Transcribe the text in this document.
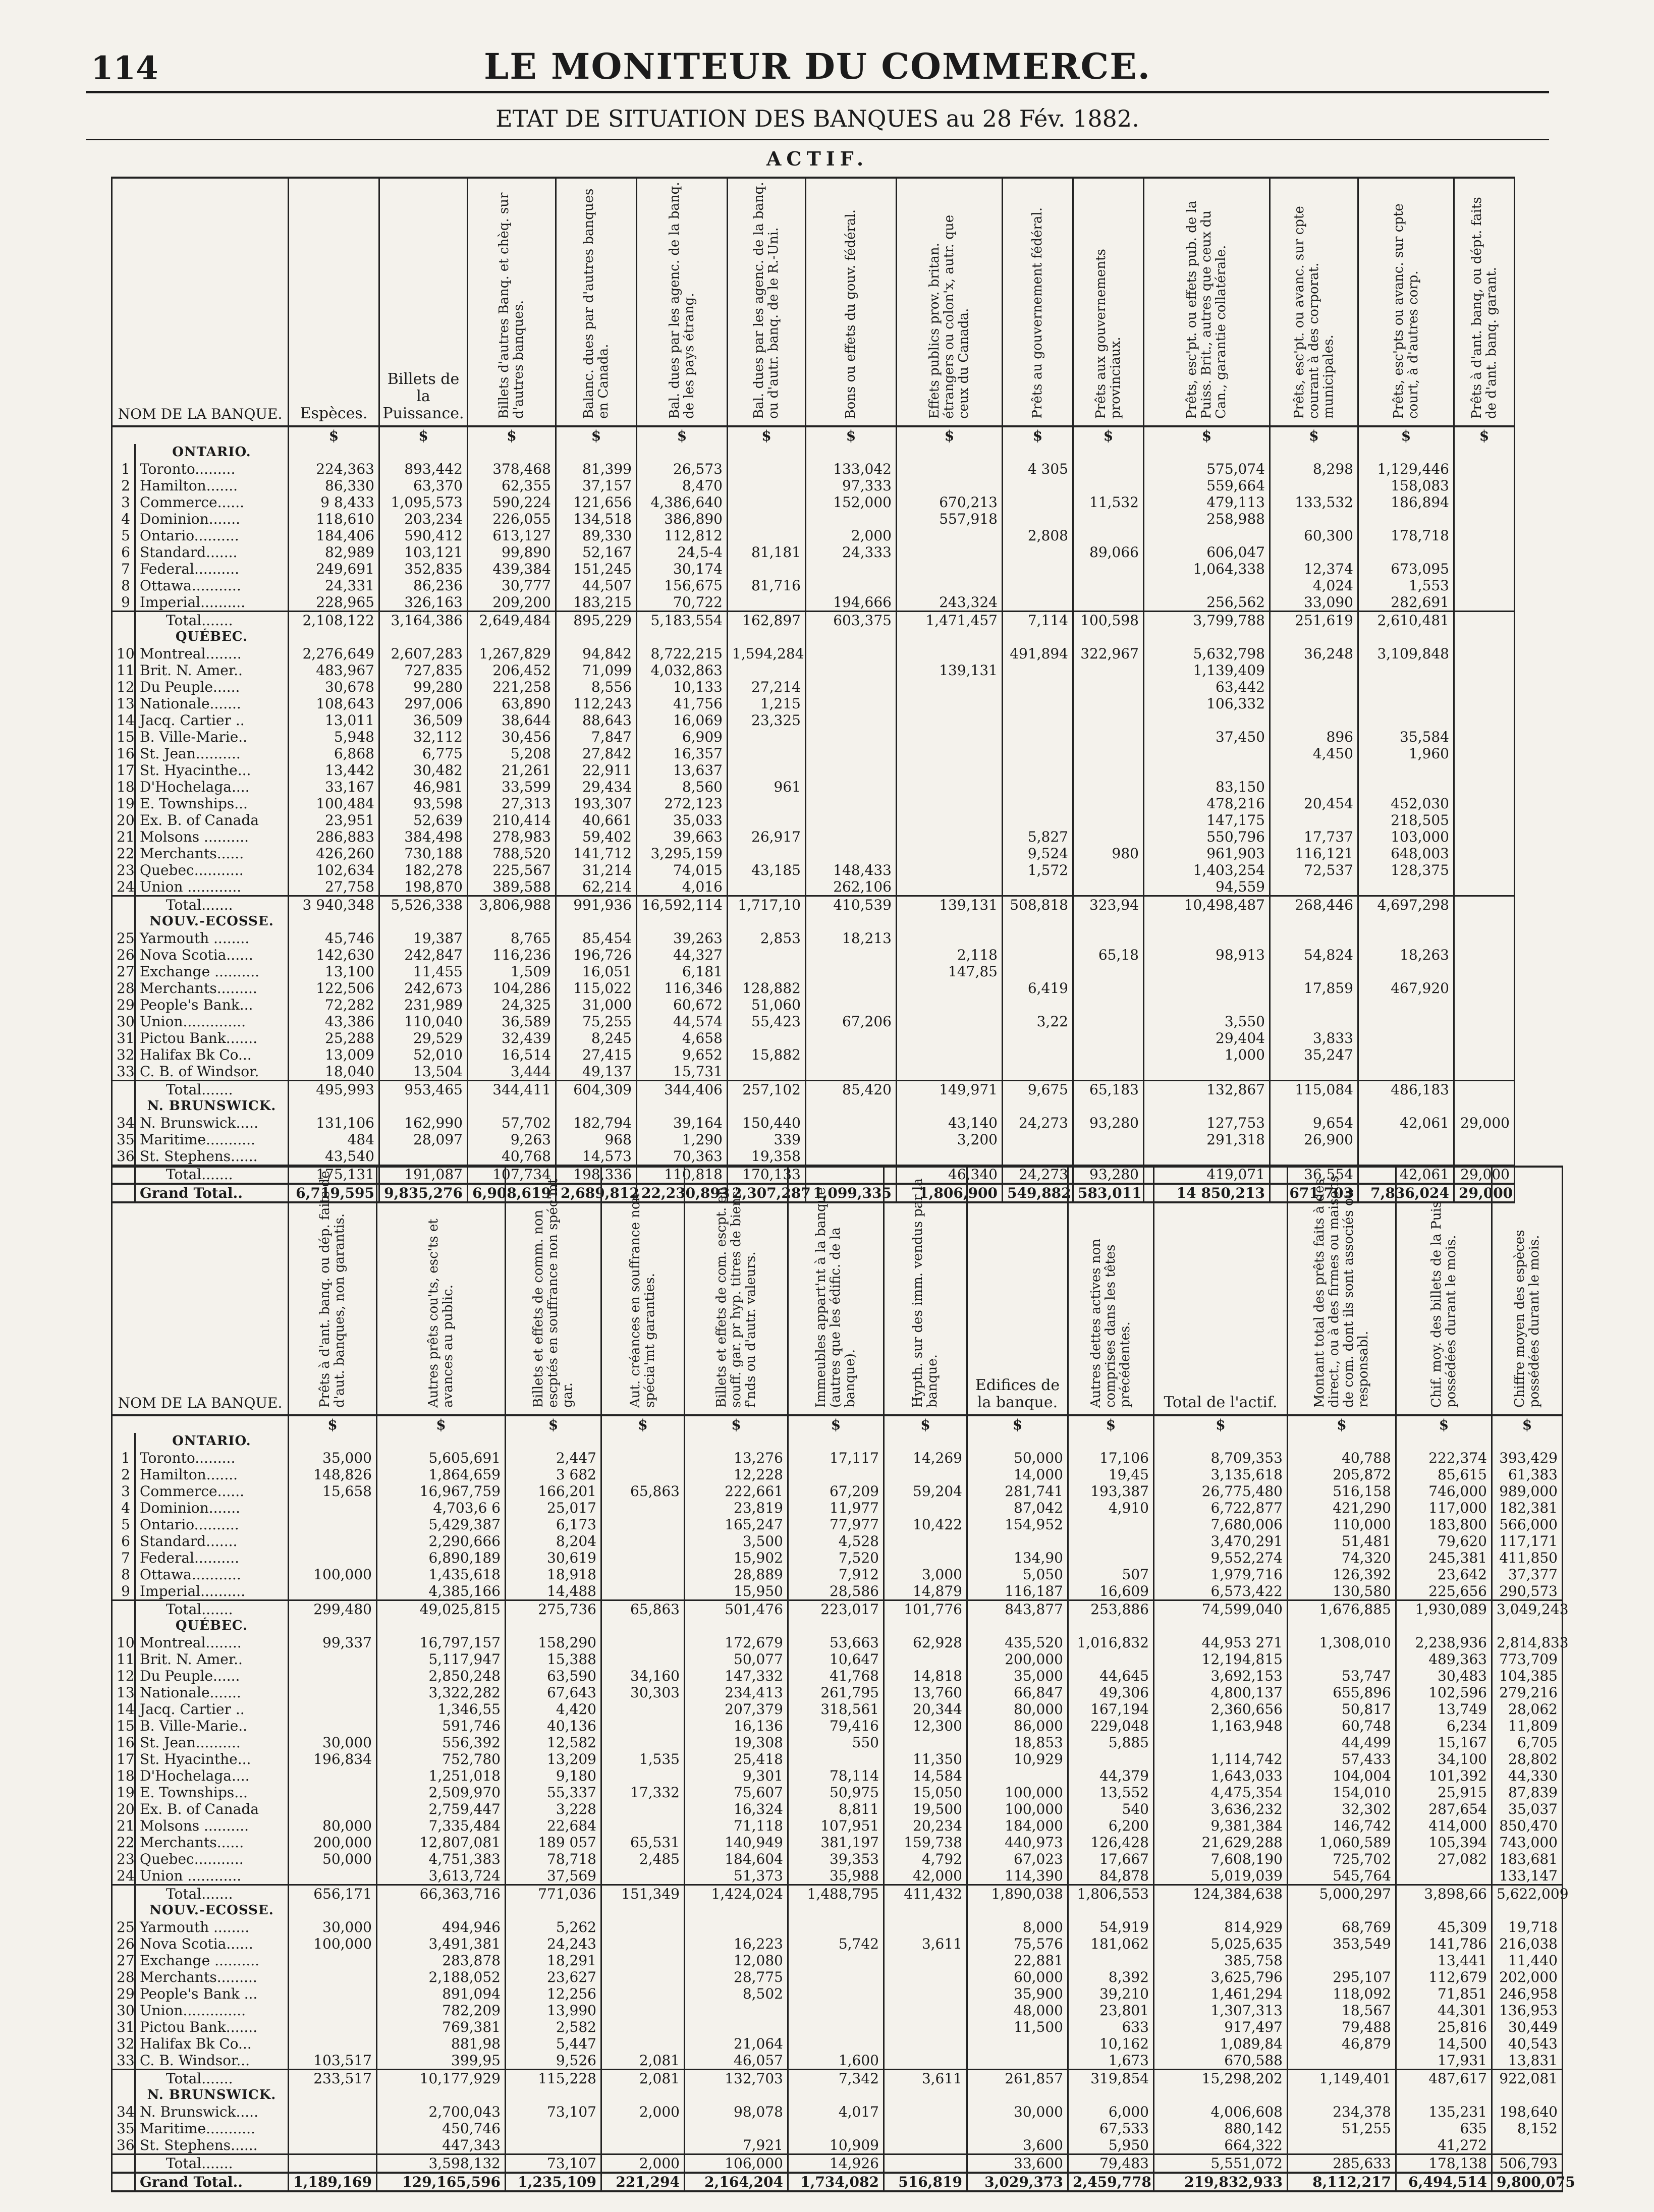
114	LE MONITEUR DU COMMERCE.
ETAT DE SITUATION DES BANQUES au 28 Fév. 1882.
ACTIF.
NOM DE LA BANQUE.		Espèces.	Billets de la Puissance.	Billets d'autres Banq. et chèq. sur d'autres banques.	Balanc. dues par d'autres banques en Canada.	Bal. dues par les agenc. de la banq. de les pays étrang.	Bal. dues par les agenc. de la banq. ou d'autr. banq. de le R.-Uni.	Bons ou effets du gouv. fédéral.	Effets publics prov. britan. étrangers ou colon'x, autr. que ceux du Canada.	Prêts au gouvernement fédéral.	Prêts aux gouvernements provinciaux.	Prêts, esc'pt. ou effets pub. de la Puiss. Brit., autres que ceux du Can., garantie collatérale.	Prêts, esc'pt. ou avanc. sur cpte courant à des corporat. municipales.	Prêts, esc'pts ou avanc. sur cpte court, à d'autres corp.	Prêts à d'ant. banq, ou dépt. faits de d'ant. banq. garant.
		$	$	$	$	$	$	$	$	$	$	$	$	$	$
	ONTARIO.														
1	Toronto.........	224,363	893,442	378,468	81,399	26,573		133,042		4 305		575,074	8,298	1,129,446	
2	Hamilton.......	86,330	63,370	62,355	37,157	8,470		97,333				559,664		158,083	
3	Commerce......	9 8,433	1,095,573	590,224	121,656	4,386,640		152,000	670,213		11,532	479,113	133,532	186,894	
4	Dominion.......	118,610	203,234	226,055	134,518	386,890			557,918			258,988			
5	Ontario..........	184,406	590,412	613,127	89,330	112,812		2,000		2,808			60,300	178,718	
6	Standard.......	82,989	103,121	99,890	52,167	24,5-4	81,181	24,333			89,066	606,047			
7	Federal..........	249,691	352,835	439,384	151,245	30,174						1,064,338	12,374	673,095	
8	Ottawa...........	24,331	86,236	30,777	44,507	156,675	81,716						4,024	1,553	
9	Imperial..........	228,965	326,163	209,200	183,215	70,722		194,666	243,324			256,562	33,090	282,691	
	Total.......	2,108,122	3,164,386	2,649,484	895,229	5,183,554	162,897	603,375	1,471,457	7,114	100,598	3,799,788	251,619	2,610,481	
	QUÉBEC.														
10	Montreal........	2,276,649	2,607,283	1,267,829	94,842	8,722,215	1,594,284			491,894	322,967	5,632,798	36,248	3,109,848	
11	Brit. N. Amer..	483,967	727,835	206,452	71,099	4,032,863			139,131			1,139,409			
12	Du Peuple......	30,678	99,280	221,258	8,556	10,133	27,214					63,442			
13	Nationale.......	108,643	297,006	63,890	112,243	41,756	1,215					106,332			
14	Jacq. Cartier ..	13,011	36,509	38,644	88,643	16,069	23,325								
15	B. Ville-Marie..	5,948	32,112	30,456	7,847	6,909						37,450	896	35,584	
16	St. Jean..........	6,868	6,775	5,208	27,842	16,357							4,450	1,960	
17	St. Hyacinthe...	13,442	30,482	21,261	22,911	13,637									
18	D'Hochelaga....	33,167	46,981	33,599	29,434	8,560	961					83,150			
19	E. Townships...	100,484	93,598	27,313	193,307	272,123						478,216	20,454	452,030	
20	Ex. B. of Canada	23,951	52,639	210,414	40,661	35,033						147,175		218,505	
21	Molsons ..........	286,883	384,498	278,983	59,402	39,663	26,917			5,827		550,796	17,737	103,000	
22	Merchants......	426,260	730,188	788,520	141,712	3,295,159				9,524	980	961,903	116,121	648,003	
23	Quebec...........	102,634	182,278	225,567	31,214	74,015	43,185	148,433		1,572		1,403,254	72,537	128,375	
24	Union ............	27,758	198,870	389,588	62,214	4,016		262,106				94,559			
	Total.......	3 940,348	5,526,338	3,806,988	991,936	16,592,114	1,717,10	410,539	139,131	508,818	323,94	10,498,487	268,446	4,697,298	
	NOUV.-ECOSSE.														
25	Yarmouth ........	45,746	19,387	8,765	85,454	39,263	2,853	18,213							
26	Nova Scotia......	142,630	242,847	116,236	196,726	44,327			2,118		65,18	98,913	54,824	18,263	
27	Exchange ..........	13,100	11,455	1,509	16,051	6,181			147,85						
28	Merchants.........	122,506	242,673	104,286	115,022	116,346	128,882			6,419			17,859	467,920	
29	People's Bank...	72,282	231,989	24,325	31,000	60,672	51,060								
30	Union..............	43,386	110,040	36,589	75,255	44,574	55,423	67,206		3,22		3,550			
31	Pictou Bank.......	25,288	29,529	32,439	8,245	4,658						29,404	3,833		
32	Halifax Bk Co...	13,009	52,010	16,514	27,415	9,652	15,882					1,000	35,247		
33	C. B. of Windsor.	18,040	13,504	3,444	49,137	15,731									
	Total.......	495,993	953,465	344,411	604,309	344,406	257,102	85,420	149,971	9,675	65,183	132,867	115,084	486,183	
	N. BRUNSWICK.														
34	N. Brunswick.....	131,106	162,990	57,702	182,794	39,164	150,440		43,140	24,273	93,280	127,753	9,654	42,061	29,000
35	Maritime...........	484	28,097	9,263	968	1,290	339		3,200			291,318	26,900		
36	St. Stephens......	43,540		40,768	14,573	70,363	19,358								
	Total.......	175,131	191,087	107,734	198,336	110,818	170,133		46,340	24,273	93,280	419,071	36,554	42,061	29,000
	Grand Total..	6,719,595	9,835,276	6,908,619	2,689,812	22,230,893	2,307,287	1,099,335	1,806,900	549,882	583,011	14 850,213	671,703	7,836,024	29,000
NOM DE LA BANQUE.		Prêts à d'ant. banq. ou dép. faits de d'aut. banques, non garantis.	Autres prêts cou'ts, esc'ts et avances au public.	Billets et effets de comm. non escptés en souffrance non spéc'mt gar.	Aut. créances en souffrance non spécia'mt garanties.	Billets et effets de com. escpt. en souff. gar. pr hyp. titres de biens-f'nds ou d'autr. valeurs.	Immeubles appart'nt à la banque (autres que les édific. de la banque).	Hypth. sur des imm. vendus par la banque.	Edifices de la banque.	Autres dettes actives non comprises dans les têtes précédentes.	Total de l'actif.	Montant total des prêts faits à des direct., ou à des firmes ou maisons de com. dont ils sont associés ou responsabl.	Chif. moy. des billets de la Puis possédées durant le mois.	Chiffre moyen des espèces possédées durant le mois.
		$	$	$	$	$	$	$	$	$	$	$	$	$
	ONTARIO.													
1	Toronto.........	35,000	5,605,691	2,447		13,276	17,117	14,269	50,000	17,106	8,709,353	40,788	222,374	393,429
2	Hamilton.......	148,826	1,864,659	3 682		12,228			14,000	19,45	3,135,618	205,872	85,615	61,383
3	Commerce......	15,658	16,967,759	166,201	65,863	222,661	67,209	59,204	281,741	193,387	26,775,480	516,158	746,000	989,000
4	Dominion.......		4,703,6 6	25,017		23,819	11,977		87,042	4,910	6,722,877	421,290	117,000	182,381
5	Ontario..........		5,429,387	6,173		165,247	77,977	10,422	154,952		7,680,006	110,000	183,800	566,000
6	Standard.......		2,290,666	8,204		3,500	4,528				3,470,291	51,481	79,620	117,171
7	Federal..........		6,890,189	30,619		15,902	7,520		134,90		9,552,274	74,320	245,381	411,850
8	Ottawa...........	100,000	1,435,618	18,918		28,889	7,912	3,000	5,050	507	1,979,716	126,392	23,642	37,377
9	Imperial..........		4,385,166	14,488		15,950	28,586	14,879	116,187	16,609	6,573,422	130,580	225,656	290,573
	Total.......	299,480	49,025,815	275,736	65,863	501,476	223,017	101,776	843,877	253,886	74,599,040	1,676,885	1,930,089	3,049,243
	QUÉBEC.													
10	Montreal........	99,337	16,797,157	158,290		172,679	53,663	62,928	435,520	1,016,832	44,953 271	1,308,010	2,238,936	2,814,833
11	Brit. N. Amer..		5,117,947	15,388		50,077	10,647		200,000		12,194,815		489,363	773,709
12	Du Peuple......		2,850,248	63,590	34,160	147,332	41,768	14,818	35,000	44,645	3,692,153	53,747	30,483	104,385
13	Nationale.......		3,322,282	67,643	30,303	234,413	261,795	13,760	66,847	49,306	4,800,137	655,896	102,596	279,216
14	Jacq. Cartier ..		1,346,55	4,420		207,379	318,561	20,344	80,000	167,194	2,360,656	50,817	13,749	28,062
15	B. Ville-Marie..		591,746	40,136		16,136	79,416	12,300	86,000	229,048	1,163,948	60,748	6,234	11,809
16	St. Jean..........	30,000	556,392	12,582		19,308	550		18,853	5,885		44,499	15,167	6,705
17	St. Hyacinthe...	196,834	752,780	13,209	1,535	25,418		11,350	10,929		1,114,742	57,433	34,100	28,802
18	D'Hochelaga....		1,251,018	9,180		9,301	78,114	14,584		44,379	1,643,033	104,004	101,392	44,330
19	E. Townships...		2,509,970	55,337	17,332	75,607	50,975	15,050	100,000	13,552	4,475,354	154,010	25,915	87,839
20	Ex. B. of Canada		2,759,447	3,228		16,324	8,811	19,500	100,000	540	3,636,232	32,302	287,654	35,037
21	Molsons ..........	80,000	7,335,484	22,684		71,118	107,951	20,234	184,000	6,200	9,381,384	146,742	414,000	850,470
22	Merchants......	200,000	12,807,081	189 057	65,531	140,949	381,197	159,738	440,973	126,428	21,629,288	1,060,589	105,394	743,000
23	Quebec...........	50,000	4,751,383	78,718	2,485	184,604	39,353	4,792	67,023	17,667	7,608,190	725,702	27,082	183,681
24	Union ............		3,613,724	37,569		51,373	35,988	42,000	114,390	84,878	5,019,039	545,764		133,147
	Total.......	656,171	66,363,716	771,036	151,349	1,424,024	1,488,795	411,432	1,890,038	1,806,553	124,384,638	5,000,297	3,898,66	5,622,009
	NOUV.-ECOSSE.													
25	Yarmouth ........	30,000	494,946	5,262					8,000	54,919	814,929	68,769	45,309	19,718
26	Nova Scotia......	100,000	3,491,381	24,243		16,223	5,742	3,611	75,576	181,062	5,025,635	353,549	141,786	216,038
27	Exchange ..........		283,878	18,291		12,080			22,881		385,758		13,441	11,440
28	Merchants.........		2,188,052	23,627		28,775			60,000	8,392	3,625,796	295,107	112,679	202,000
29	People's Bank ...		891,094	12,256		8,502			35,900	39,210	1,461,294	118,092	71,851	246,958
30	Union..............		782,209	13,990					48,000	23,801	1,307,313	18,567	44,301	136,953
31	Pictou Bank.......		769,381	2,582					11,500	633	917,497	79,488	25,816	30,449
32	Halifax Bk Co...		881,98	5,447		21,064				10,162	1,089,84	46,879	14,500	40,543
33	C. B. Windsor...	103,517	399,95	9,526	2,081	46,057	1,600			1,673	670,588		17,931	13,831
	Total.......	233,517	10,177,929	115,228	2,081	132,703	7,342	3,611	261,857	319,854	15,298,202	1,149,401	487,617	922,081
	N. BRUNSWICK.													
34	N. Brunswick.....		2,700,043	73,107	2,000	98,078	4,017		30,000	6,000	4,006,608	234,378	135,231	198,640
35	Maritime...........		450,746							67,533	880,142	51,255	635	8,152
36	St. Stephens......		447,343			7,921	10,909		3,600	5,950	664,322		41,272	
	Total.......		3,598,132	73,107	2,000	106,000	14,926		33,600	79,483	5,551,072	285,633	178,138	506,793
	Grand Total..	1,189,169	129,165,596	1,235,109	221,294	2,164,204	1,734,082	516,819	3,029,373	2,459,778	219,832,933	8,112,217	6,494,514	9,800,075
